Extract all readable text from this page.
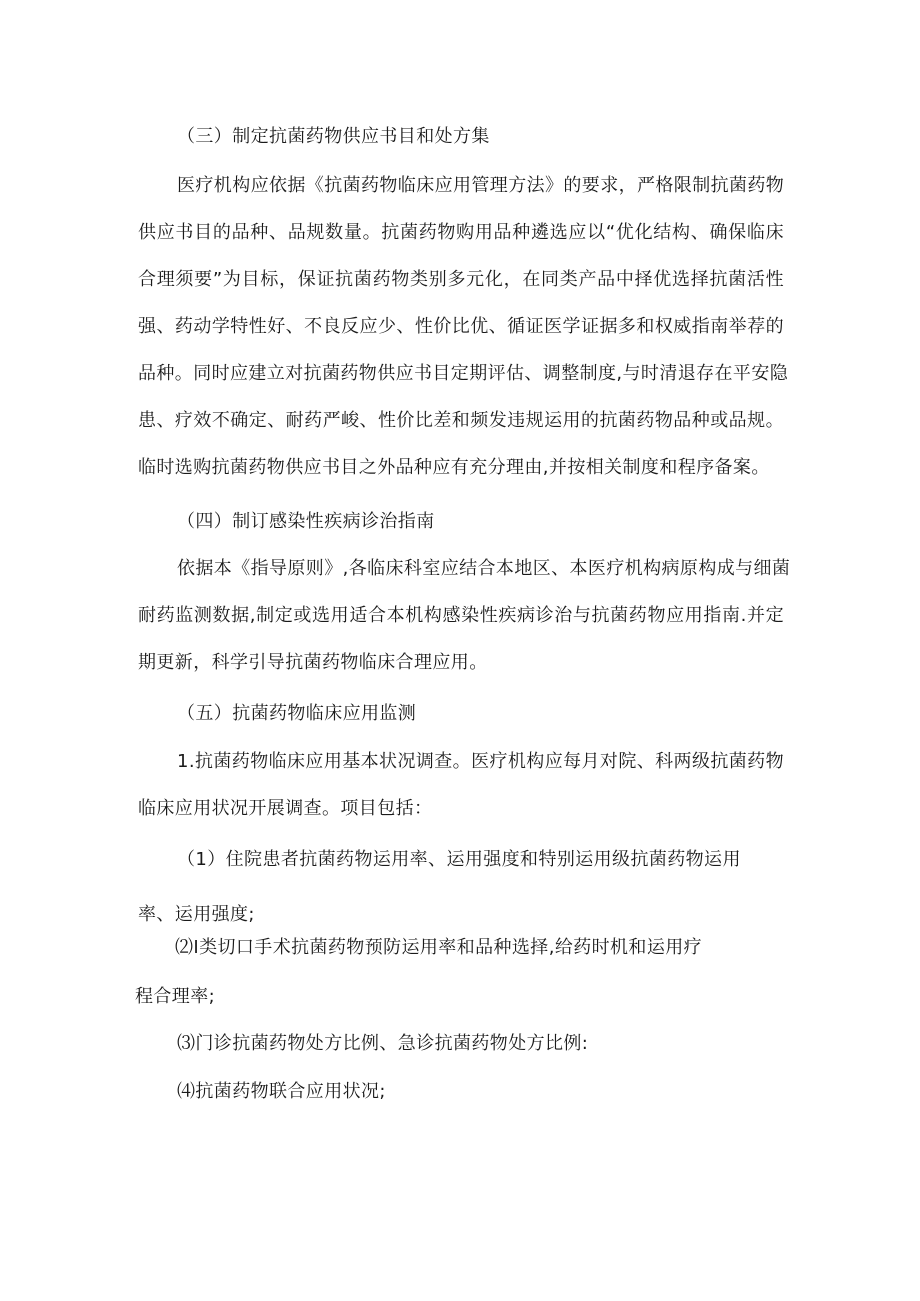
（三）制定抗菌药物供应书目和处方集
医疗机构应依据《抗菌药物临床应用管理方法》的要求，严格限制抗菌药物
供应书目的品种、品规数量。抗菌药物购用品种遴选应以“优化结构、确保临床
合理须要”为目标，保证抗菌药物类别多元化，在同类产品中择优选择抗菌活性
强、药动学特性好、不良反应少、性价比优、循证医学证据多和权威指南举荐的
品种。同时应建立对抗菌药物供应书目定期评估、调整制度,与时清退存在平安隐
患、疗效不确定、耐药严峻、性价比差和频发违规运用的抗菌药物品种或品规。
临时选购抗菌药物供应书目之外品种应有充分理由,并按相关制度和程序备案。
（四）制订感染性疾病诊治指南
依据本《指导原则》,各临床科室应结合本地区、本医疗机构病原构成与细菌
耐药监测数据,制定或选用适合本机构感染性疾病诊治与抗菌药物应用指南.并定
期更新，科学引导抗菌药物临床合理应用。
（五）抗菌药物临床应用监测
1.抗菌药物临床应用基本状况调查。医疗机构应每月对院、科两级抗菌药物
临床应用状况开展调查。项目包括：
（1）住院患者抗菌药物运用率、运用强度和特别运用级抗菌药物运用
率、运用强度;
⑵I类切口手术抗菌药物预防运用率和品种选择,给药时机和运用疗
程合理率;
⑶门诊抗菌药物处方比例、急诊抗菌药物处方比例:
⑷抗菌药物联合应用状况;
